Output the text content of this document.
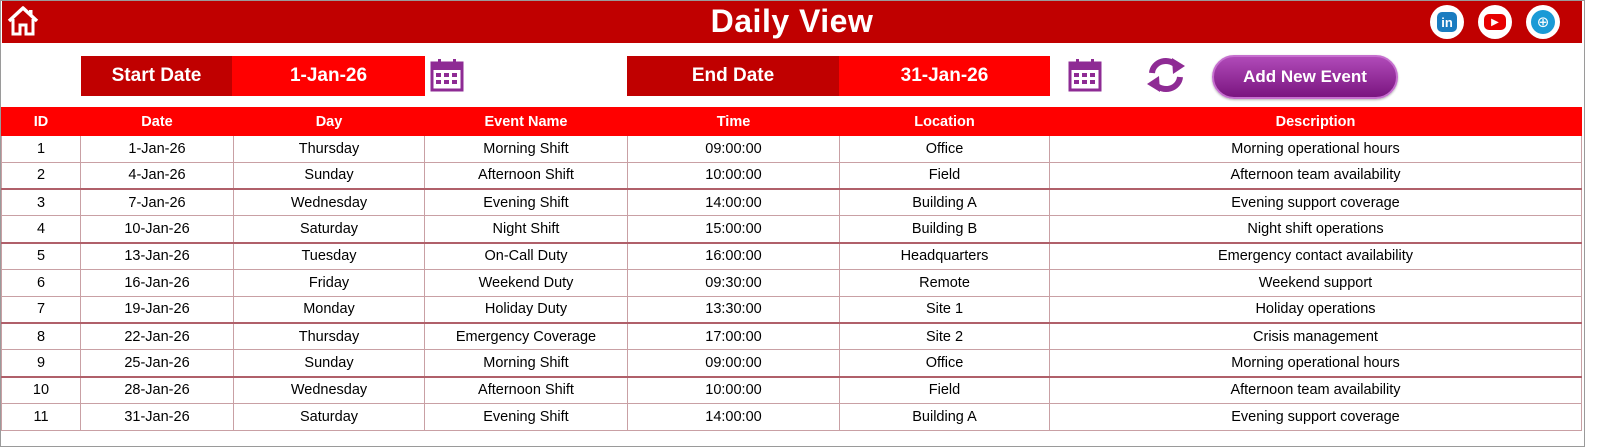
Daily View	in	▶	⊕
Start Date	1-Jan-26	End Date	31-Jan-26	Add New Event
ID	Date	Day	Event Name	Time	Location	Description
1	1-Jan-26	Thursday	Morning Shift	09:00:00	Office	Morning operational hours
2	4-Jan-26	Sunday	Afternoon Shift	10:00:00	Field	Afternoon team availability
3	7-Jan-26	Wednesday	Evening Shift	14:00:00	Building A	Evening support coverage
4	10-Jan-26	Saturday	Night Shift	15:00:00	Building B	Night shift operations
5	13-Jan-26	Tuesday	On-Call Duty	16:00:00	Headquarters	Emergency contact availability
6	16-Jan-26	Friday	Weekend Duty	09:30:00	Remote	Weekend support
7	19-Jan-26	Monday	Holiday Duty	13:30:00	Site 1	Holiday operations
8	22-Jan-26	Thursday	Emergency Coverage	17:00:00	Site 2	Crisis management
9	25-Jan-26	Sunday	Morning Shift	09:00:00	Office	Morning operational hours
10	28-Jan-26	Wednesday	Afternoon Shift	10:00:00	Field	Afternoon team availability
11	31-Jan-26	Saturday	Evening Shift	14:00:00	Building A	Evening support coverage
